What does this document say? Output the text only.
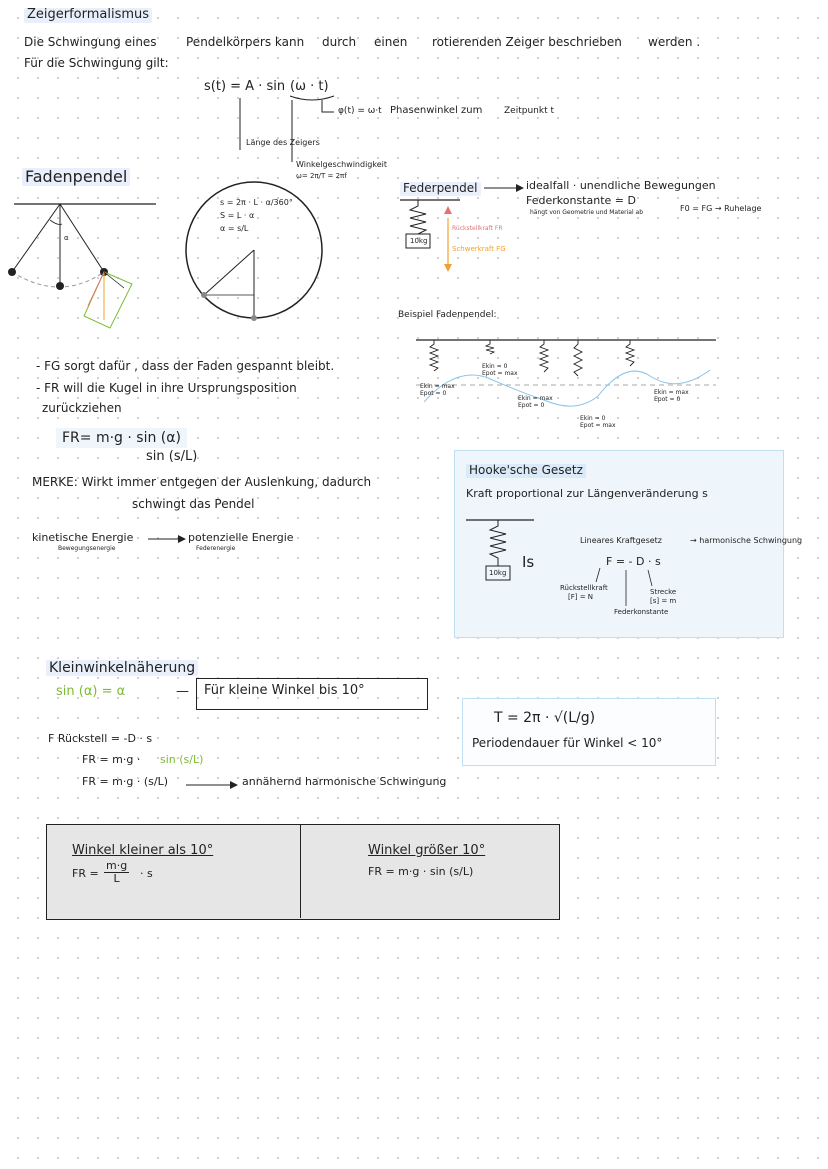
Zeigerformalismus
Die Schwingung eines Pendelkörpers kann durch einen rotierenden Zeiger beschrieben werden .
Für die Schwingung gilt:
s(t) = A · sin (ω · t)
φ(t) = ω·t Phasenwinkel zum Zeitpunkt t
Länge des Zeigers
Winkelgeschwindigkeit
ω= 2π/T = 2πf
Fadenpendel
α
s = 2π · L · α/360°
S = L · α
α = s/L
- FG sorgt dafür , dass der Faden gespannt bleibt.
- FR will die Kugel in ihre Ursprungsposition
zurückziehen
FR= m·g · sin (α)
sin (s/L)
MERKE: Wirkt immer entgegen der Auslenkung, dadurch
schwingt das Pendel
kinetische Energie
Bewegungsenergie
potenzielle Energie
Federenergie
Federpendel	idealfall · unendliche Bewegungen
Federkonstante = D
hängt von Geometrie und Material ab	F0 = FG → Ruhelage
10kg
Rückstellkraft FR
Schwerkraft FG
Beispiel Fadenpendel:
Ekin = max
Epot = 0
Ekin = 0
Epot = max
Ekin = max
Epot = 0
Ekin = 0
Epot = max
Ekin = max
Epot = 0
Hooke'sche Gesetz
Kraft proportional zur Längenveränderung s
10kg
Is
Lineares Kraftgesetz	→ harmonische Schwingung
F = - D · s
Rückstellkraft
[F] = N
Strecke
[s] = m
Federkonstante
Kleinwinkelnäherung
sin (α) = α	— Für kleine Winkel bis 10°
F Rückstell = -D · s
FR = m·g · sin (s/L)
FR = m·g · (s/L)	annähernd harmonische Schwingung
T = 2π · √(L/g)
Periodendauer für Winkel < 10°
Winkel kleiner als 10°
FR = $\frac{m\cdot g}{L} \cdot s$
Winkel größer 10°
FR = m·g · sin (s/L)
